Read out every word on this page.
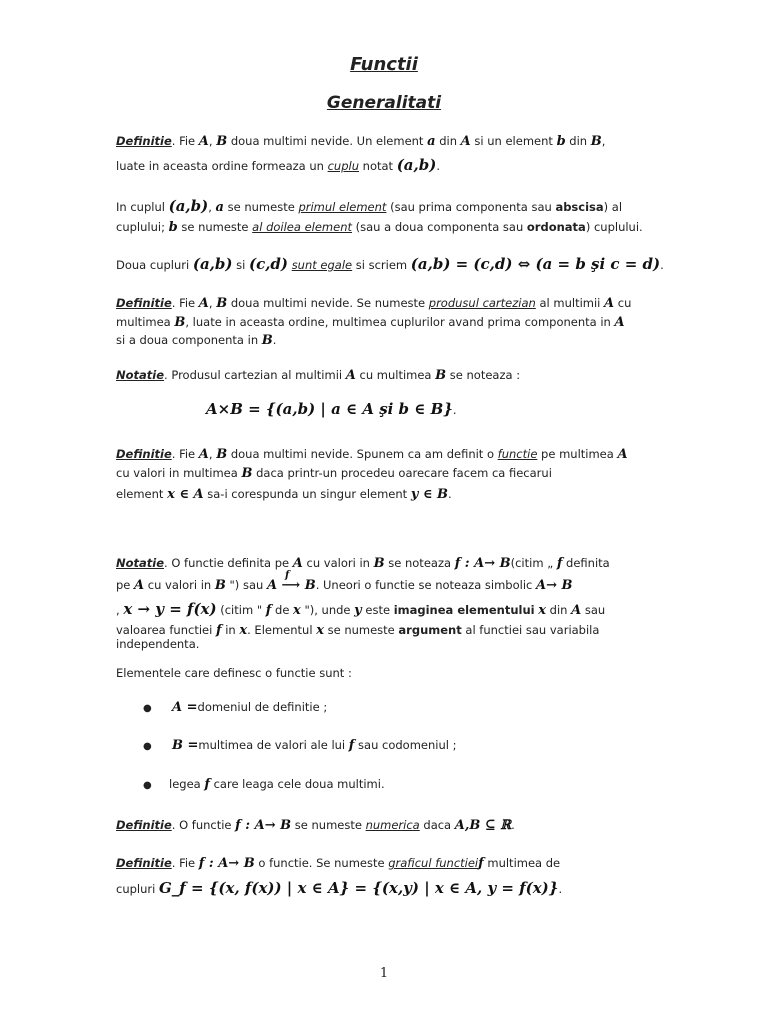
Functii
Generalitati
Definitie. Fie A, B doua multimi nevide. Un element a din A si un element b din B,
luate in aceasta ordine formeaza un cuplu notat (a,b).
In cuplul (a,b), a se numeste primul element (sau prima componenta sau abscisa) al
cuplului; b se numeste al doilea element (sau a doua componenta sau ordonata) cuplului.
Doua cupluri (a,b) si (c,d) sunt egale si scriem (a,b) = (c,d) ⇔ (a = b şi c = d).
Definitie. Fie A, B doua multimi nevide. Se numeste produsul cartezian al multimii A cu
multimea B, luate in aceasta ordine, multimea cuplurilor avand prima componenta in A
si a doua componenta in B.
Notatie. Produsul cartezian al multimii A cu multimea B se noteaza :
A×B = {(a,b) | a ∈ A şi b ∈ B}.
Definitie. Fie A, B doua multimi nevide. Spunem ca am definit o functie pe multimea A
cu valori in multimea B daca printr-un procedeu oarecare facem ca fiecarui
element x ∈ A sa-i corespunda un singur element y ∈ B.
Notatie. O functie definita pe A cu valori in B se noteaza f : A→ B(citim „ f definita
pe A cu valori in B ") sau
f
A ⟶ B. Uneori o functie se noteaza simbolic A→ B
, x → y = f(x) (citim " f de x "), unde y este imaginea elementului x din A sau
valoarea functiei f in x. Elementul x se numeste argument al functiei sau variabila
independenta.
Elementele care definesc o functie sunt :
● A =domeniul de definitie ;
● B =multimea de valori ale lui f sau codomeniul ;
● legea f care leaga cele doua multimi.
Definitie. O functie f : A→ B se numeste numerica daca A,B ⊆ ℝ.
Definitie. Fie f : A→ B o functie. Se numeste graficul functieif multimea de
cupluri G_f = {(x, f(x)) | x ∈ A} = {(x,y) | x ∈ A, y = f(x)}.
1
